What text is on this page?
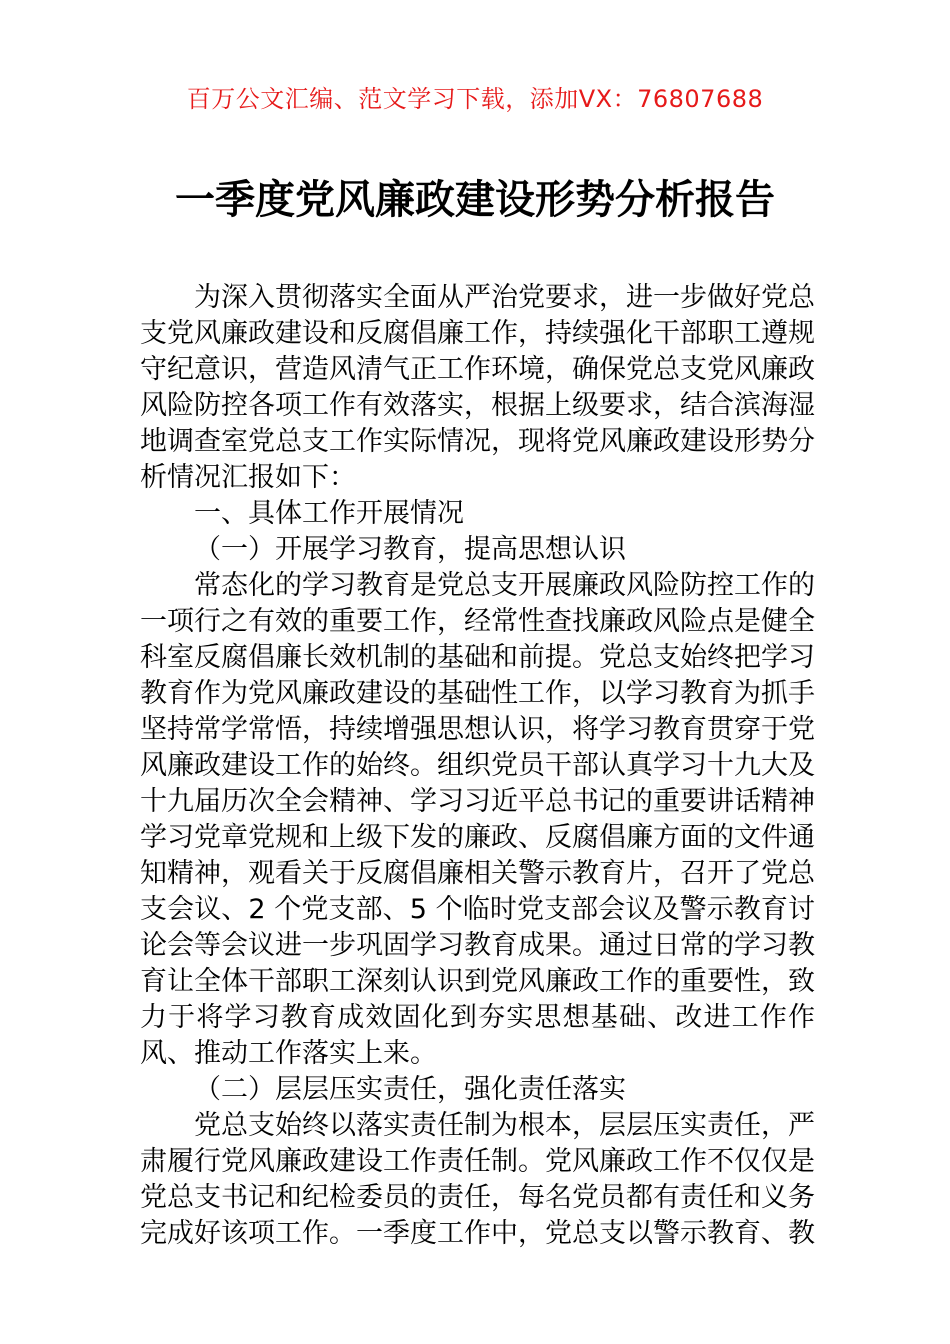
百万公文汇编、范文学习下载，添加VX：76807688
一季度党风廉政建设形势分析报告

为深入贯彻落实全面从严治党要求，进一步做好党总支党风廉政建设和反腐倡廉工作，持续强化干部职工遵规守纪意识，营造风清气正工作环境，确保党总支党风廉政风险防控各项工作有效落实，根据上级要求，结合滨海湿地调查室党总支工作实际情况，现将党风廉政建设形势分析情况汇报如下：

一、具体工作开展情况

（一）开展学习教育，提高思想认识

常态化的学习教育是党总支开展廉政风险防控工作的一项行之有效的重要工作，经常性查找廉政风险点是健全科室反腐倡廉长效机制的基础和前提。党总支始终把学习教育作为党风廉政建设的基础性工作，以学习教育为抓手坚持常学常悟，持续增强思想认识，将学习教育贯穿于党风廉政建设工作的始终。组织党员干部认真学习十九大及十九届历次全会精神、学习习近平总书记的重要讲话精神学习党章党规和上级下发的廉政、反腐倡廉方面的文件通知精神，观看关于反腐倡廉相关警示教育片，召开了党总支会议、2 个党支部、5 个临时党支部会议及警示教育讨论会等会议进一步巩固学习教育成果。通过日常的学习教育让全体干部职工深刻认识到党风廉政工作的重要性，致力于将学习教育成效固化到夯实思想基础、改进工作作风、推动工作落实上来。

（二）层层压实责任，强化责任落实

党总支始终以落实责任制为根本，层层压实责任，严肃履行党风廉政建设工作责任制。党风廉政工作不仅仅是党总支书记和纪检委员的责任，每名党员都有责任和义务完成好该项工作。一季度工作中，党总支以警示教育、教
